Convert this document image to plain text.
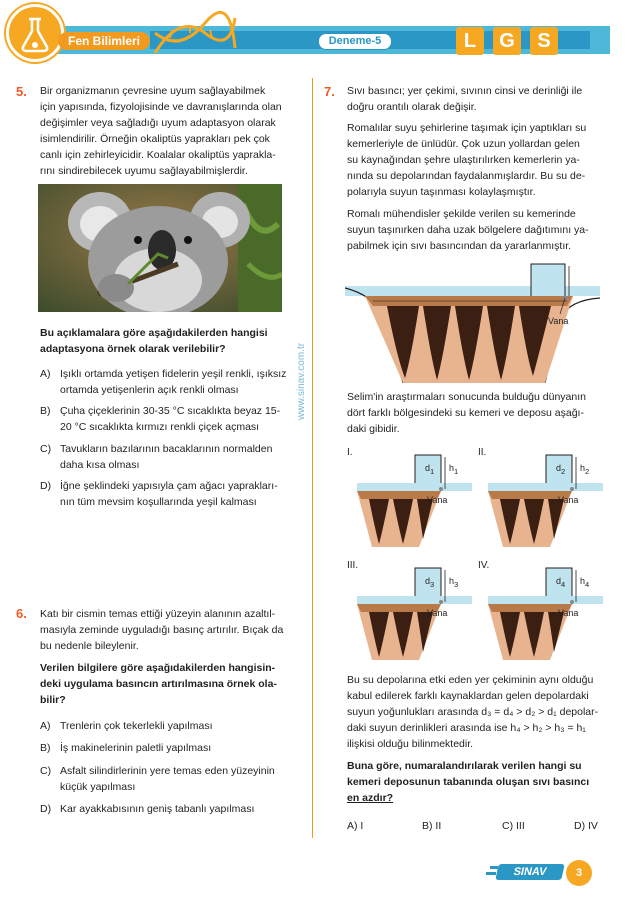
Fen Bilimleri	Deneme-5	L	G	S
www.sinav.com.tr
5. Bir organizmanın çevresine uyum sağlayabilmek
için yapısında, fizyolojisinde ve davranışlarında olan
değişimler veya sağladığı uyum adaptasyon olarak
isimlendirilir. Örneğin okaliptüs yaprakları pek çok
canlı için zehirleyicidir. Koalalar okaliptüs yaprakla-
rını sindirebilecek uyumu sağlayabilmişlerdir.
Bu açıklamalara göre aşağıdakilerden hangisi
adaptasyona örnek olarak verilebilir?
A) Işıklı ortamda yetişen fidelerin yeşil renkli, ışıksız
ortamda yetişenlerin açık renkli olması
B) Çuha çiçeklerinin 30-35 °C sıcaklıkta beyaz 15-
20 °C sıcaklıkta kırmızı renkli çiçek açması
C) Tavukların bazılarının bacaklarının normalden
daha kısa olması
D) İğne şeklindeki yapısıyla çam ağacı yaprakları-
nın tüm mevsim koşullarında yeşil kalması
6. Katı bir cismin temas ettiği yüzeyin alanının azaltıl-
masıyla zeminde uyguladığı basınç artırılır. Bıçak da
bu nedenle bileylenir.
Verilen bilgilere göre aşağıdakilerden hangisin-
deki uygulama basıncın artırılmasına örnek ola-
bilir?
A) Trenlerin çok tekerlekli yapılması
B) İş makinelerinin paletli yapılması
C) Asfalt silindirlerinin yere temas eden yüzeyinin
küçük yapılması
D) Kar ayakkabısının geniş tabanlı yapılması
7. Sıvı basıncı; yer çekimi, sıvının cinsi ve derinliği ile
doğru orantılı olarak değişir.
Romalılar suyu şehirlerine taşımak için yaptıkları su
kemerleriyle de ünlüdür. Çok uzun yollardan gelen
su kaynağından şehre ulaştırılırken kemerlerin ya-
nında su depolarından faydalanmışlardır. Bu su de-
polarıyla suyun taşınması kolaylaşmıştır.
Romalı mühendisler şekilde verilen su kemerinde
suyun taşınırken daha uzak bölgelere dağıtımını ya-
pabilmek için sıvı basıncından da yararlanmıştır.
Vana
Selim'in araştırmaları sonucunda bulduğu dünyanın
dört farklı bölgesindeki su kemeri ve deposu aşağı-
daki gibidir.
I.
$d_1$ $h_1$
Vana
II.
$d_2$ $h_2$
Vana
III.
$d_3$ $h_3$
Vana
IV.
$d_4$ $h_4$
Vana
Bu su depolarına etki eden yer çekiminin aynı olduğu
kabul edilerek farklı kaynaklardan gelen depolardaki
suyun yoğunlukları arasında d₃ = d₄ > d₂ > d₁ depolar-
daki suyun derinlikleri arasında ise h₄ > h₂ > h₃ = h₁
ilişkisi olduğu bilinmektedir.
Buna göre, numaralandırılarak verilen hangi su
kemeri deposunun tabanında oluşan sıvı basıncı
en azdır?
A) I	B) II	C) III	D) IV
SINAV	3
